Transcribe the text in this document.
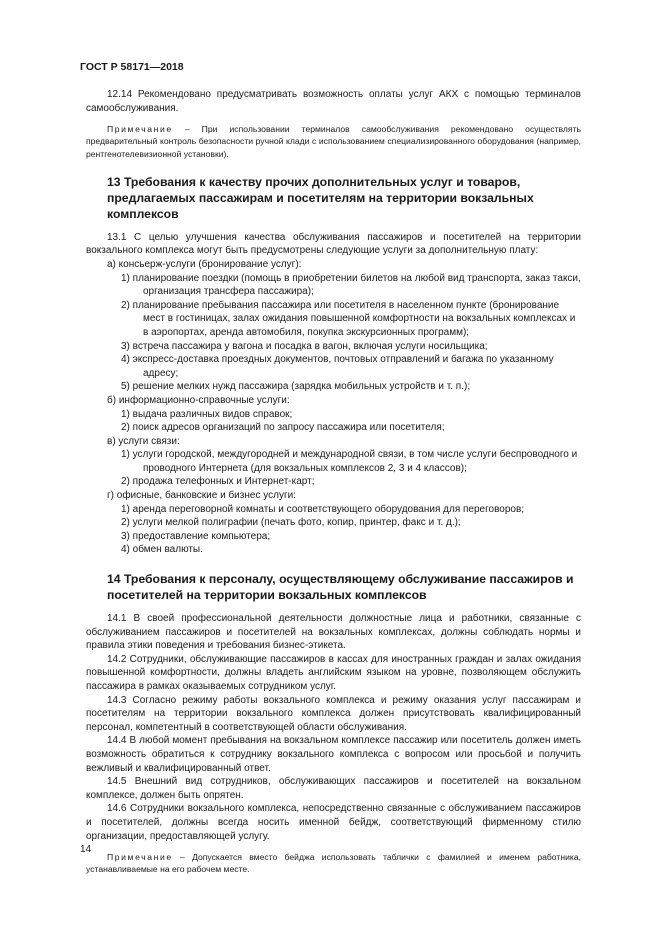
ГОСТ Р 58171—2018

12.14 Рекомендовано предусматривать возможность оплаты услуг АКХ с помощью терминалов самообслуживания.

Примечание – При использовании терминалов самообслуживания рекомендовано осуществлять предварительный контроль безопасности ручной клади с использованием специализированного оборудования (например, рентгенотелевизионной установки).

13 Требования к качеству прочих дополнительных услуг и товаров, предлагаемых пассажирам и посетителям на территории вокзальных комплексов

13.1 С целью улучшения качества обслуживания пассажиров и посетителей на территории вокзального комплекса могут быть предусмотрены следующие услуги за дополнительную плату:

а) консьерж-услуги (бронирование услуг):

1) планирование поездки (помощь в приобретении билетов на любой вид транспорта, заказ такси, организация трансфера пассажира);

2) планирование пребывания пассажира или посетителя в населенном пункте (бронирование мест в гостиницах, залах ожидания повышенной комфортности на вокзальных комплексах и в аэропортах, аренда автомобиля, покупка экскурсионных программ);

3) встреча пассажира у вагона и посадка в вагон, включая услуги носильщика;

4) экспресс-доставка проездных документов, почтовых отправлений и багажа по указанному адресу;

5) решение мелких нужд пассажира (зарядка мобильных устройств и т. п.);

б) информационно-справочные услуги:

1) выдача различных видов справок;

2) поиск адресов организаций по запросу пассажира или посетителя;

в) услуги связи:

1) услуги городской, междугородней и международной связи, в том числе услуги беспроводного и проводного Интернета (для вокзальных комплексов 2, 3 и 4 классов);

2) продажа телефонных и Интернет-карт;

г) офисные, банковские и бизнес услуги:

1) аренда переговорной комнаты и соответствующего оборудования для переговоров;

2) услуги мелкой полиграфии (печать фото, копир, принтер, факс и т. д.);

3) предоставление компьютера;

4) обмен валюты.

14 Требования к персоналу, осуществляющему обслуживание пассажиров и посетителей на территории вокзальных комплексов

14.1 В своей профессиональной деятельности должностные лица и работники, связанные с обслуживанием пассажиров и посетителей на вокзальных комплексах, должны соблюдать нормы и правила этики поведения и требования бизнес-этикета.

14.2 Сотрудники, обслуживающие пассажиров в кассах для иностранных граждан и залах ожидания повышенной комфортности, должны владеть английским языком на уровне, позволяющем обслужить пассажира в рамках оказываемых сотрудником услуг.

14.3 Согласно режиму работы вокзального комплекса и режиму оказания услуг пассажирам и посетителям на территории вокзального комплекса должен присутствовать квалифицированный персонал, компетентный в соответствующей области обслуживания.

14.4 В любой момент пребывания на вокзальном комплексе пассажир или посетитель должен иметь возможность обратиться к сотруднику вокзального комплекса с вопросом или просьбой и получить вежливый и квалифицированный ответ.

14.5 Внешний вид сотрудников, обслуживающих пассажиров и посетителей на вокзальном комплексе, должен быть опрятен.

14.6 Сотрудники вокзального комплекса, непосредственно связанные с обслуживанием пассажиров и посетителей, должны всегда носить именной бейдж, соответствующий фирменному стилю организации, предоставляющей услугу.

Примечание – Допускается вместо бейджа использовать таблички с фамилией и именем работника, устанавливаемые на его рабочем месте.

14
